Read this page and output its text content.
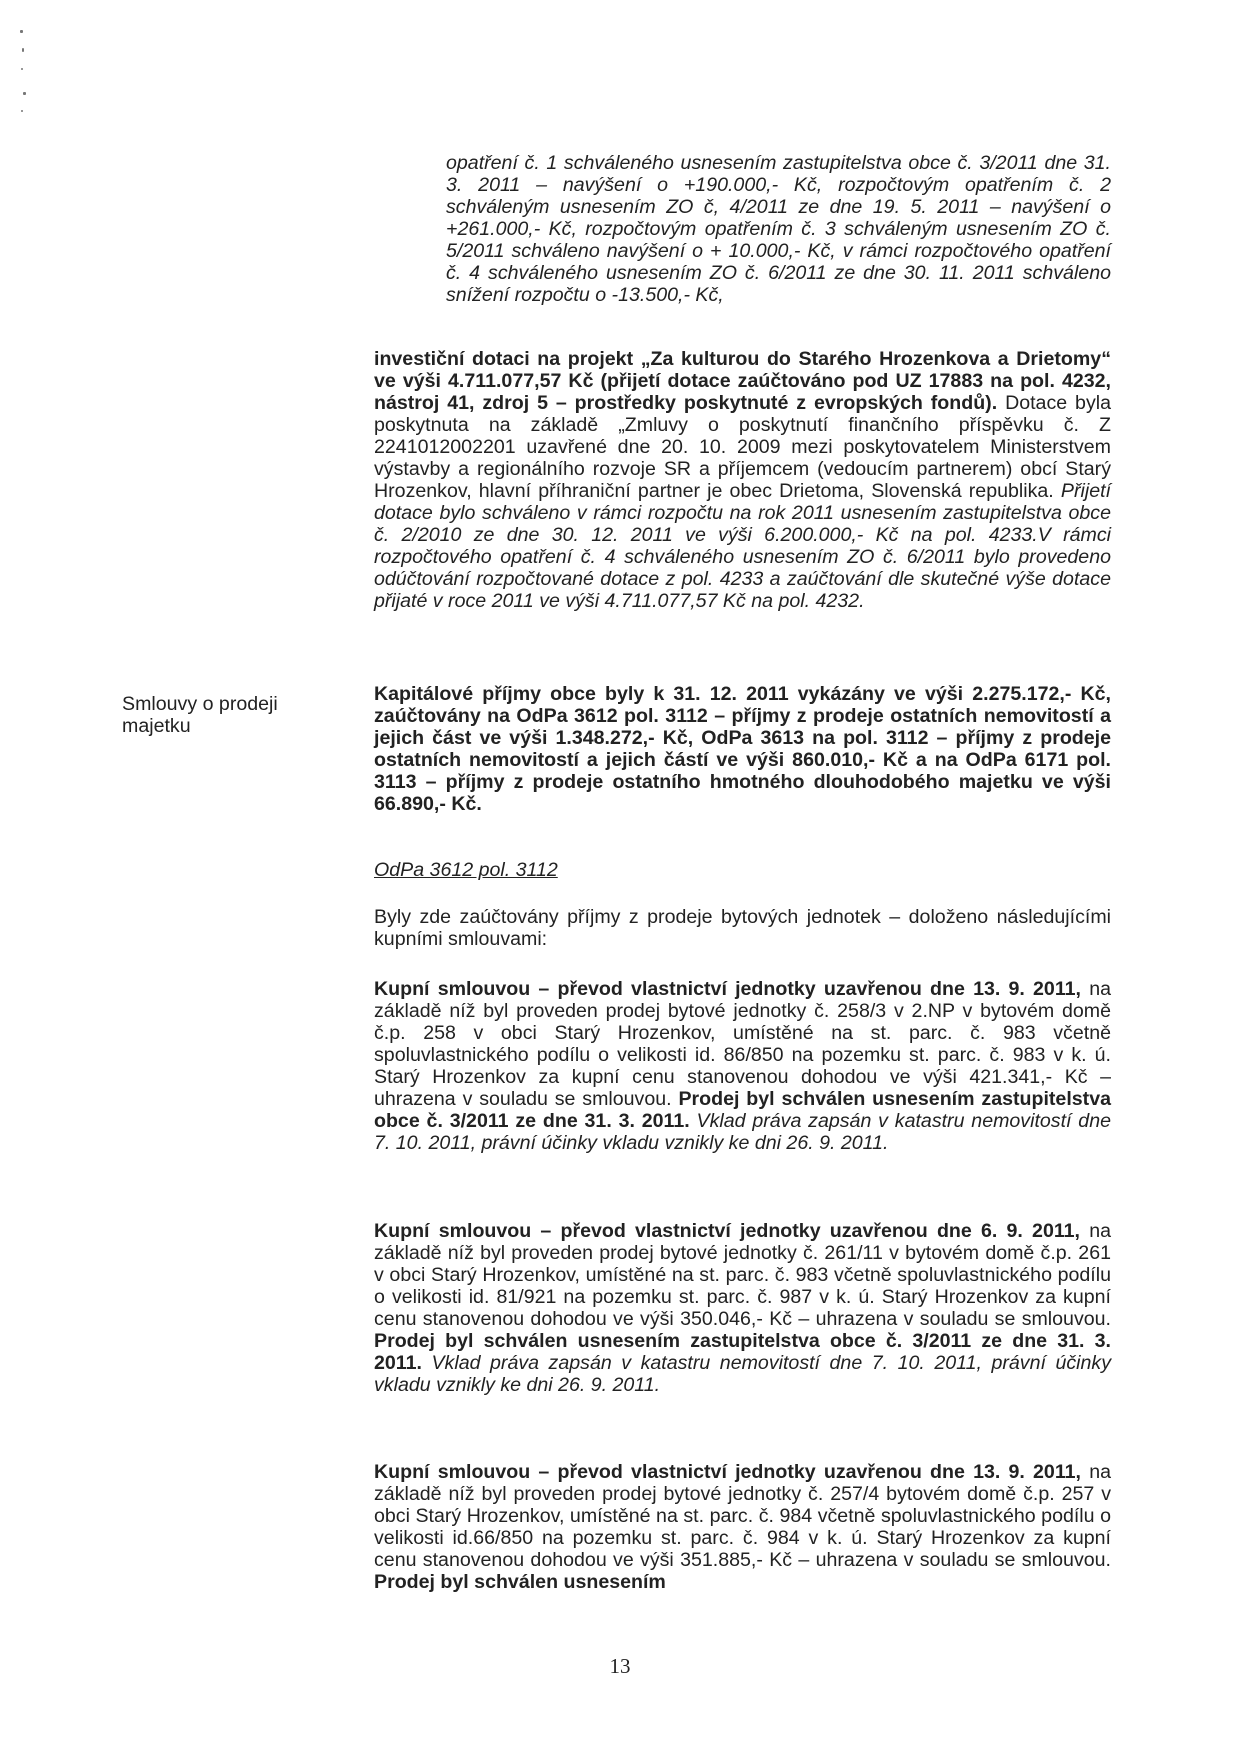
opatření č. 1 schváleného usnesením zastupitelstva obce č. 3/2011 dne 31. 3. 2011 – navýšení o +190.000,- Kč, rozpočtovým opatřením č. 2 schváleným usnesením ZO č, 4/2011 ze dne 19. 5. 2011 – navýšení o +261.000,- Kč, rozpočtovým opatřením č. 3 schváleným usnesením ZO č. 5/2011 schváleno navýšení o + 10.000,- Kč, v rámci rozpočtového opatření č. 4 schváleného usnesením ZO č. 6/2011 ze dne 30. 11. 2011 schváleno snížení rozpočtu o -13.500,- Kč,

investiční dotaci na projekt „Za kulturou do Starého Hrozenkova a Drietomy“ ve výši 4.711.077,57 Kč (přijetí dotace zaúčtováno pod UZ 17883 na pol. 4232, nástroj 41, zdroj 5 – prostředky poskytnuté z evropských fondů). Dotace byla poskytnuta na základě „Zmluvy o poskytnutí finančního příspěvku č. Z 2241012002201 uzavřené dne 20. 10. 2009 mezi poskytovatelem Ministerstvem výstavby a regionálního rozvoje SR a příjemcem (vedoucím partnerem) obcí Starý Hrozenkov, hlavní příhraniční partner je obec Drietoma, Slovenská republika. Přijetí dotace bylo schváleno v rámci rozpočtu na rok 2011 usnesením zastupitelstva obce č. 2/2010 ze dne 30. 12. 2011 ve výši 6.200.000,- Kč na pol. 4233.V rámci rozpočtového opatření č. 4 schváleného usnesením ZO č. 6/2011 bylo provedeno odúčtování rozpočtované dotace z pol. 4233 a zaúčtování dle skutečné výše dotace přijaté v roce 2011 ve výši 4.711.077,57 Kč na pol. 4232.

Smlouvy o prodeji majetku

Kapitálové příjmy obce byly k 31. 12. 2011 vykázány ve výši 2.275.172,- Kč, zaúčtovány na OdPa 3612 pol. 3112 – příjmy z prodeje ostatních nemovitostí a jejich část ve výši 1.348.272,- Kč, OdPa 3613 na pol. 3112 – příjmy z prodeje ostatních nemovitostí a jejich částí ve výši 860.010,- Kč a na OdPa 6171 pol. 3113 – příjmy z prodeje ostatního hmotného dlouhodobého majetku ve výši 66.890,- Kč.

OdPa 3612 pol. 3112

Byly zde zaúčtovány příjmy z prodeje bytových jednotek – doloženo následujícími kupními smlouvami:

Kupní smlouvou – převod vlastnictví jednotky uzavřenou dne 13. 9. 2011, na základě níž byl proveden prodej bytové jednotky č. 258/3 v 2.NP v bytovém domě č.p. 258 v obci Starý Hrozenkov, umístěné na st. parc. č. 983 včetně spoluvlastnického podílu o velikosti id. 86/850 na pozemku st. parc. č. 983 v k. ú. Starý Hrozenkov za kupní cenu stanovenou dohodou ve výši 421.341,- Kč – uhrazena v souladu se smlouvou. Prodej byl schválen usnesením zastupitelstva obce č. 3/2011 ze dne 31. 3. 2011. Vklad práva zapsán v katastru nemovitostí dne 7. 10. 2011, právní účinky vkladu vznikly ke dni 26. 9. 2011.

Kupní smlouvou – převod vlastnictví jednotky uzavřenou dne 6. 9. 2011, na základě níž byl proveden prodej bytové jednotky č. 261/11 v bytovém domě č.p. 261 v obci Starý Hrozenkov, umístěné na st. parc. č. 983 včetně spoluvlastnického podílu o velikosti id. 81/921 na pozemku st. parc. č. 987 v k. ú. Starý Hrozenkov za kupní cenu stanovenou dohodou ve výši 350.046,- Kč – uhrazena v souladu se smlouvou. Prodej byl schválen usnesením zastupitelstva obce č. 3/2011 ze dne 31. 3. 2011. Vklad práva zapsán v katastru nemovitostí dne 7. 10. 2011, právní účinky vkladu vznikly ke dni 26. 9. 2011.

Kupní smlouvou – převod vlastnictví jednotky uzavřenou dne 13. 9. 2011, na základě níž byl proveden prodej bytové jednotky č. 257/4 bytovém domě č.p. 257 v obci Starý Hrozenkov, umístěné na st. parc. č. 984 včetně spoluvlastnického podílu o velikosti id.66/850 na pozemku st. parc. č. 984 v k. ú. Starý Hrozenkov za kupní cenu stanovenou dohodou ve výši 351.885,- Kč – uhrazena v souladu se smlouvou. Prodej byl schválen usnesením

13
